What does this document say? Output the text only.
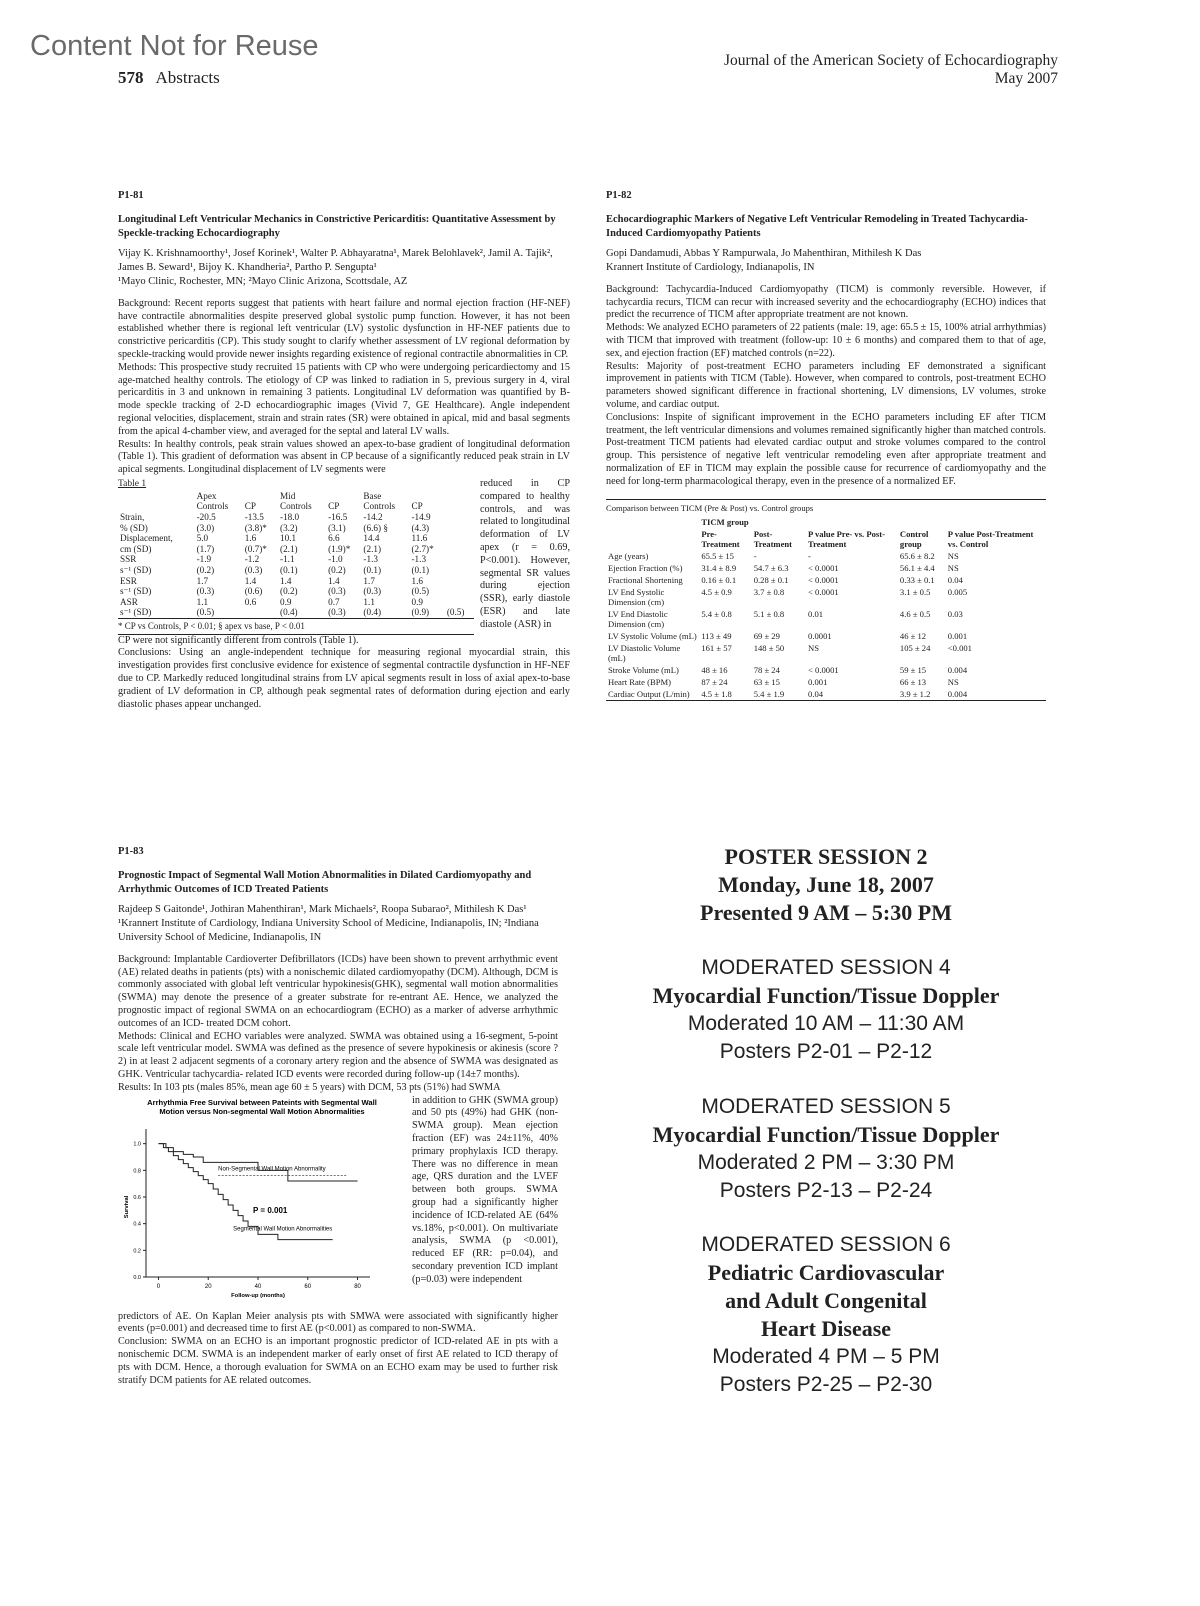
Content Not for Reuse
578 Abstracts
Journal of the American Society of Echocardiography
May 2007
P1-81
Longitudinal Left Ventricular Mechanics in Constrictive Pericarditis: Quantitative Assessment by Speckle-tracking Echocardiography
Vijay K. Krishnamoorthy¹, Josef Korinek¹, Walter P. Abhayaratna¹, Marek Belohlavek², Jamil A. Tajik², James B. Seward¹, Bijoy K. Khandheria², Partho P. Sengupta¹
¹Mayo Clinic, Rochester, MN; ²Mayo Clinic Arizona, Scottsdale, AZ

Background: Recent reports suggest that patients with heart failure and normal ejection fraction (HF-NEF) have contractile abnormalities despite preserved global systolic pump function. However, it has not been established whether there is regional left ventricular (LV) systolic dysfunction in HF-NEF patients due to constrictive pericarditis (CP). This study sought to clarify whether assessment of LV regional deformation by speckle-tracking would provide newer insights regarding existence of regional contractile abnormalities in CP.

Methods: This prospective study recruited 15 patients with CP who were undergoing pericardiectomy and 15 age-matched healthy controls. The etiology of CP was linked to radiation in 5, previous surgery in 4, viral pericarditis in 3 and unknown in remaining 3 patients. Longitudinal LV deformation was quantified by B-mode speckle tracking of 2-D echocardiographic images (Vivid 7, GE Healthcare). Angle independent regional velocities, displacement, strain and strain rates (SR) were obtained in apical, mid and basal segments from the apical 4-chamber view, and averaged for the septal and lateral LV walls.

Results: In healthy controls, peak strain values showed an apex-to-base gradient of longitudinal deformation (Table 1). This gradient of deformation was absent in CP because of a significantly reduced peak strain in LV apical segments. Longitudinal displacement of LV segments were

Table 1
	Apex		Mid		Base		
	Controls	CP	Controls	CP	Controls	CP	
Strain,	-20.5	-13.5	-18.0	-16.5	-14.2	-14.9	
% (SD)	(3.0)	(3.8)*	(3.2)	(3.1)	(6.6) §	(4.3)	
Displacement,	5.0	1.6	10.1	6.6	14.4	11.6	
cm (SD)	(1.7)	(0.7)*	(2.1)	(1.9)*	(2.1)	(2.7)*	
SSR	-1.9	-1.2	-1.1	-1.0	-1.3	-1.3	
s⁻¹ (SD)	(0.2)	(0.3)	(0.1)	(0.2)	(0.1)	(0.1)	
ESR	1.7	1.4	1.4	1.4	1.7	1.6	
s⁻¹ (SD)	(0.3)	(0.6)	(0.2)	(0.3)	(0.3)	(0.5)	
ASR	1.1	0.6	0.9	0.7	1.1	0.9	
s⁻¹ (SD)	(0.5)		(0.4)	(0.3)	(0.4)	(0.9)	(0.5)
* CP vs Controls, P < 0.01; § apex vs base, P < 0.01

reduced in CP compared to healthy controls, and was related to longitudinal deformation of LV apex (r = 0.69, P<0.001). However, segmental SR values during ejection (SSR), early diastole (ESR) and late diastole (ASR) in

CP were not significantly different from controls (Table 1).

Conclusions: Using an angle-independent technique for measuring regional myocardial strain, this investigation provides first conclusive evidence for existence of segmental contractile dysfunction in HF-NEF due to CP. Markedly reduced longitudinal strains from LV apical segments result in loss of axial apex-to-base gradient of LV deformation in CP, although peak segmental rates of deformation during ejection and early diastolic phases appear unchanged.

P1-82
Echocardiographic Markers of Negative Left Ventricular Remodeling in Treated Tachycardia-Induced Cardiomyopathy Patients
Gopi Dandamudi, Abbas Y Rampurwala, Jo Mahenthiran, Mithilesh K Das
Krannert Institute of Cardiology, Indianapolis, IN

Background: Tachycardia-Induced Cardiomyopathy (TICM) is commonly reversible. However, if tachycardia recurs, TICM can recur with increased severity and the echocardiography (ECHO) indices that predict the recurrence of TICM after appropriate treatment are not known.

Methods: We analyzed ECHO parameters of 22 patients (male: 19, age: 65.5 ± 15, 100% atrial arrhythmias) with TICM that improved with treatment (follow-up: 10 ± 6 months) and compared them to that of age, sex, and ejection fraction (EF) matched controls (n=22).

Results: Majority of post-treatment ECHO parameters including EF demonstrated a significant improvement in patients with TICM (Table). However, when compared to controls, post-treatment ECHO parameters showed significant difference in fractional shortening, LV dimensions, LV volumes, stroke volume, and cardiac output.

Conclusions: Inspite of significant improvement in the ECHO parameters including EF after TICM treatment, the left ventricular dimensions and volumes remained significantly higher than matched controls. Post-treatment TICM patients had elevated cardiac output and stroke volumes compared to the control group. This persistence of negative left ventricular remodeling even after appropriate treatment and normalization of EF in TICM may explain the possible cause for recurrence of cardiomyopathy and the need for long-term pharmacological therapy, even in the presence of a normalized EF.

Comparison between TICM (Pre & Post) vs. Control groups
	TICM group				
	Pre-Treatment	Post-Treatment	P value Pre- vs. Post-Treatment	Control group	P value Post-Treatment vs. Control
Age (years)	65.5 ± 15	-	-	65.6 ± 8.2	NS
Ejection Fraction (%)	31.4 ± 8.9	54.7 ± 6.3	< 0.0001	56.1 ± 4.4	NS
Fractional Shortening	0.16 ± 0.1	0.28 ± 0.1	< 0.0001	0.33 ± 0.1	0.04
LV End Systolic Dimension (cm)	4.5 ± 0.9	3.7 ± 0.8	< 0.0001	3.1 ± 0.5	0.005
LV End Diastolic Dimension (cm)	5.4 ± 0.8	5.1 ± 0.8	0.01	4.6 ± 0.5	0.03
LV Systolic Volume (mL)	113 ± 49	69 ± 29	0.0001	46 ± 12	0.001
LV Diastolic Volume (mL)	161 ± 57	148 ± 50	NS	105 ± 24	<0.001
Stroke Volume (mL)	48 ± 16	78 ± 24	< 0.0001	59 ± 15	0.004
Heart Rate (BPM)	87 ± 24	63 ± 15	0.001	66 ± 13	NS
Cardiac Output (L/min)	4.5 ± 1.8	5.4 ± 1.9	0.04	3.9 ± 1.2	0.004
P1-83
Prognostic Impact of Segmental Wall Motion Abnormalities in Dilated Cardiomyopathy and Arrhythmic Outcomes of ICD Treated Patients
Rajdeep S Gaitonde¹, Jothiran Mahenthiran¹, Mark Michaels², Roopa Subarao², Mithilesh K Das¹
¹Krannert Institute of Cardiology, Indiana University School of Medicine, Indianapolis, IN; ²Indiana University School of Medicine, Indianapolis, IN

Background: Implantable Cardioverter Defibrillators (ICDs) have been shown to prevent arrhythmic event (AE) related deaths in patients (pts) with a nonischemic dilated cardiomyopathy (DCM). Although, DCM is commonly associated with global left ventricular hypokinesis(GHK), segmental wall motion abnormalities (SWMA) may denote the presence of a greater substrate for re-entrant AE. Hence, we analyzed the prognostic impact of regional SWMA on an echocardiogram (ECHO) as a marker of adverse arrhythmic outcomes of an ICD- treated DCM cohort.

Methods: Clinical and ECHO variables were analyzed. SWMA was obtained using a 16-segment, 5-point scale left ventricular model. SWMA was defined as the presence of severe hypokinesis or akinesis (score ?2) in at least 2 adjacent segments of a coronary artery region and the absence of SWMA was designated as GHK. Ventricular tachycardia- related ICD events were recorded during follow-up (14±7 months).

Results: In 103 pts (males 85%, mean age 60 ± 5 years) with DCM, 53 pts (51%) had SWMA

Arrhythmia Free Survival between Pateints with Segmental Wall Motion versus Non-segmental Wall Motion Abnormalities
0.0
0.2
0.4
0.6
0.8
1.0
0	20	40	60	80
Follow-up (months)
Survival
Non-Segmental Wall Motion Abnormality
P = 0.001
Segmental Wall Motion Abnormalities

in addition to GHK (SWMA group) and 50 pts (49%) had GHK (non-SWMA group). Mean ejection fraction (EF) was 24±11%, 40% primary prophylaxis ICD therapy. There was no difference in mean age, QRS duration and the LVEF between both groups. SWMA group had a significantly higher incidence of ICD-related AE (64% vs.18%, p<0.001). On multivariate analysis, SWMA (p <0.001), reduced EF (RR: p=0.04), and secondary prevention ICD implant (p=0.03) were independent

predictors of AE. On Kaplan Meier analysis pts with SMWA were associated with significantly higher events (p=0.001) and decreased time to first AE (p<0.001) as compared to non-SWMA.

Conclusion: SWMA on an ECHO is an important prognostic predictor of ICD-related AE in pts with a nonischemic DCM. SWMA is an independent marker of early onset of first AE related to ICD therapy of pts with DCM. Hence, a thorough evaluation for SWMA on an ECHO exam may be used to further risk stratify DCM patients for AE related outcomes.

POSTER SESSION 2
Monday, June 18, 2007
Presented 9 AM – 5:30 PM
MODERATED SESSION 4
Myocardial Function/Tissue Doppler
Moderated 10 AM – 11:30 AM
Posters P2-01 – P2-12
MODERATED SESSION 5
Myocardial Function/Tissue Doppler
Moderated 2 PM – 3:30 PM
Posters P2-13 – P2-24
MODERATED SESSION 6
Pediatric Cardiovascular
and Adult Congenital
Heart Disease
Moderated 4 PM – 5 PM
Posters P2-25 – P2-30
